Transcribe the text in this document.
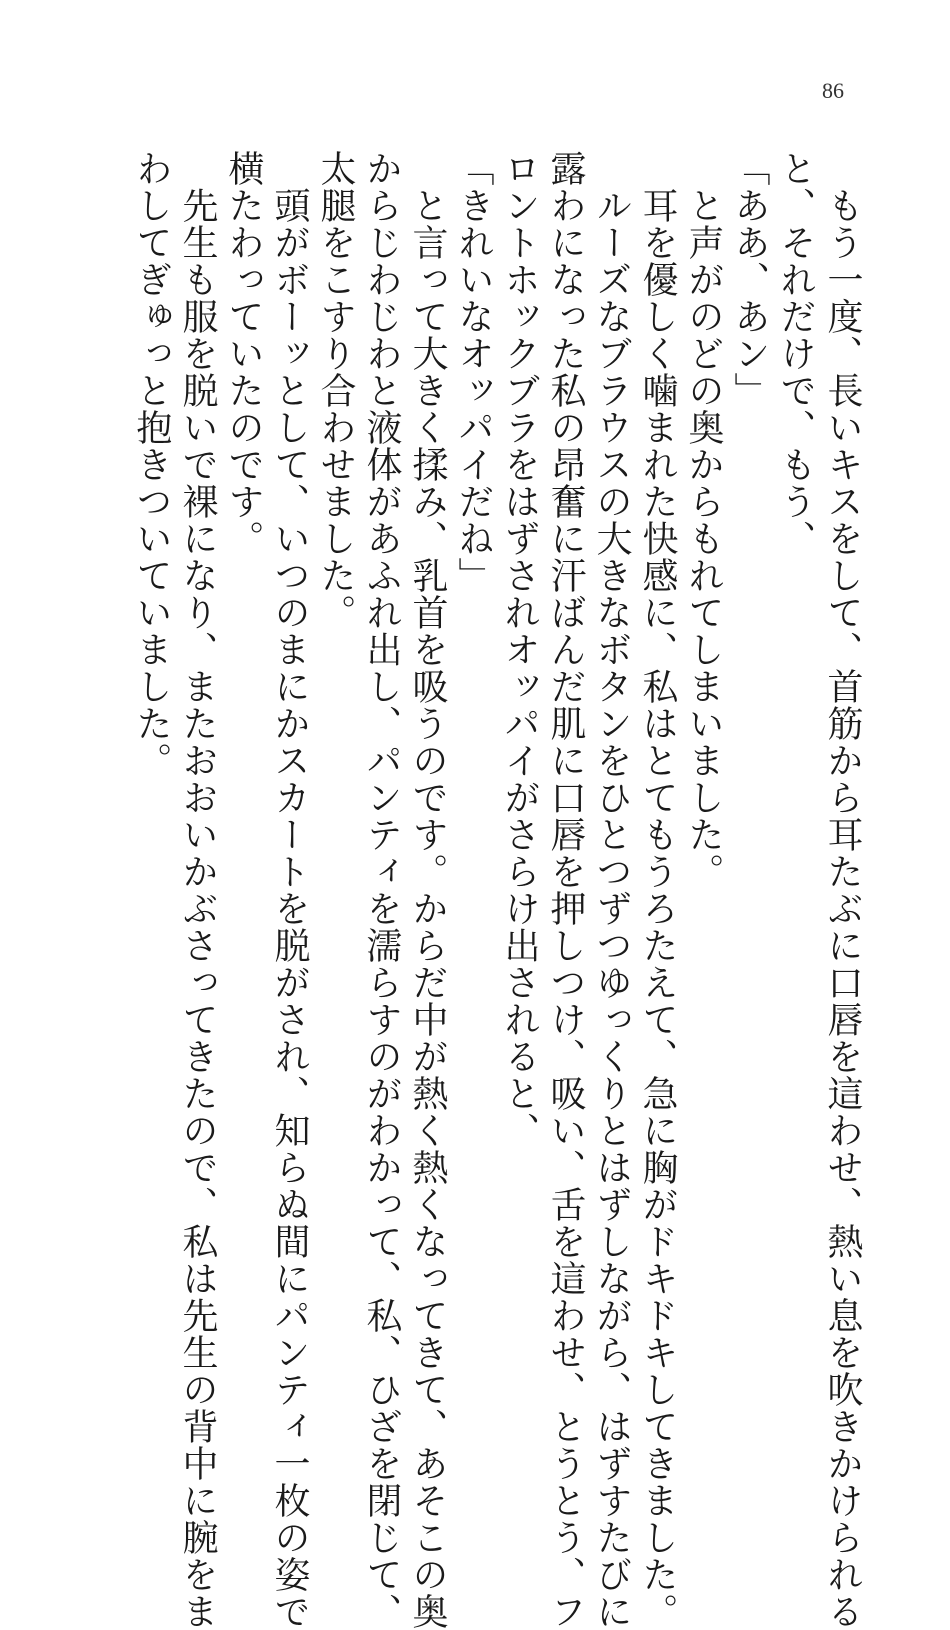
86
　もう一度、長いキスをして、首筋から耳たぶに口唇を這わせ、熱い息を吹きかけられる
と、それだけで、もう、
「ああ、あン」
　と声がのどの奥からもれてしまいました。
　耳を優しく噛まれた快感に、私はとてもうろたえて、急に胸がドキドキしてきました。
　ルーズなブラウスの大きなボタンをひとつずつゆっくりとはずしながら、はずすたびに
露わになった私の昂奮に汗ばんだ肌に口唇を押しつけ、吸い、舌を這わせ、とうとう、フ
ロントホックブラをはずされオッパイがさらけ出されると、
「きれいなオッパイだね」
　と言って大きく揉み、乳首を吸うのです。からだ中が熱く熱くなってきて、あそこの奥
からじわじわと液体があふれ出し、パンティを濡らすのがわかって、私、ひざを閉じて、
太腿をこすり合わせました。
　頭がボーッとして、いつのまにかスカートを脱がされ、知らぬ間にパンティ一枚の姿で
横たわっていたのです。
　先生も服を脱いで裸になり、またおおいかぶさってきたので、私は先生の背中に腕をま
わしてぎゅっと抱きついていました。
